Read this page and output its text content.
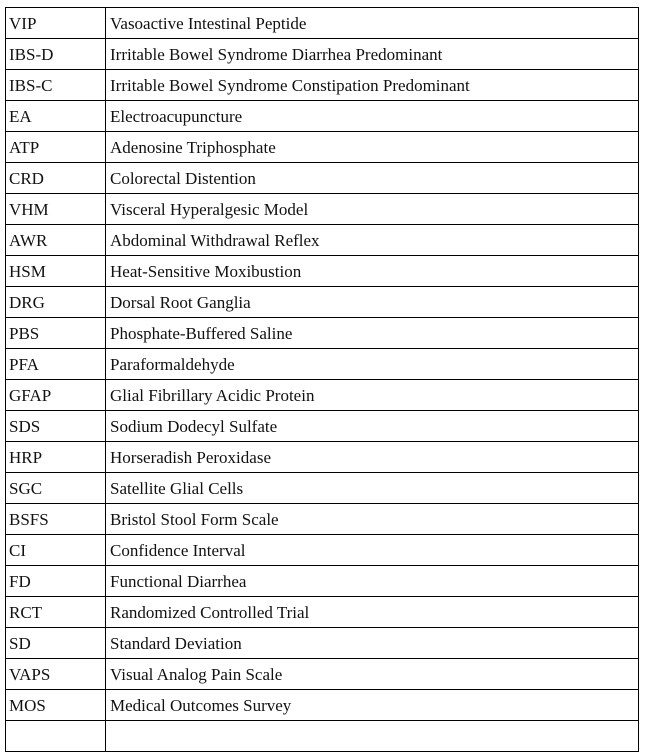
VIP	Vasoactive Intestinal Peptide
IBS-D	Irritable Bowel Syndrome Diarrhea Predominant
IBS-C	Irritable Bowel Syndrome Constipation Predominant
EA	Electroacupuncture
ATP	Adenosine Triphosphate
CRD	Colorectal Distention
VHM	Visceral Hyperalgesic Model
AWR	Abdominal Withdrawal Reflex
HSM	Heat-Sensitive Moxibustion
DRG	Dorsal Root Ganglia
PBS	Phosphate-Buffered Saline
PFA	Paraformaldehyde
GFAP	Glial Fibrillary Acidic Protein
SDS	Sodium Dodecyl Sulfate
HRP	Horseradish Peroxidase
SGC	Satellite Glial Cells
BSFS	Bristol Stool Form Scale
CI	Confidence Interval
FD	Functional Diarrhea
RCT	Randomized Controlled Trial
SD	Standard Deviation
VAPS	Visual Analog Pain Scale
MOS	Medical Outcomes Survey
